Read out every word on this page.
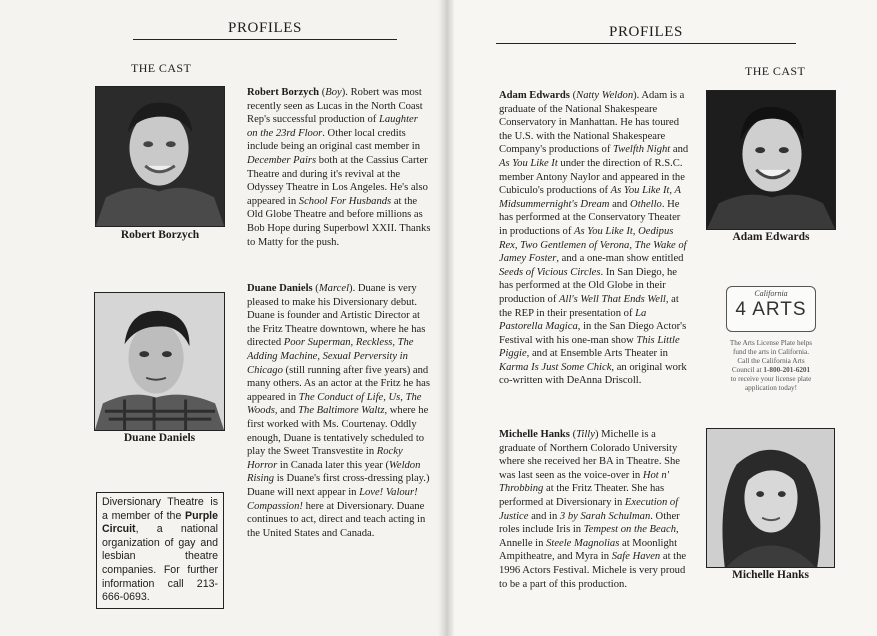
PROFILES
THE CAST
Robert Borzych
Robert Borzych (Boy). Robert was most recently seen as Lucas in the North Coast Rep's successful production of Laughter on the 23rd Floor. Other local credits include being an original cast member in December Pairs both at the Cassius Carter Theatre and during it's revival at the Odyssey Theatre in Los Angeles. He's also appeared in School For Husbands at the Old Globe Theatre and before millions as Bob Hope during Superbowl XXII. Thanks to Matty for the push.
Duane Daniels
Duane Daniels (Marcel). Duane is very pleased to make his Diversionary debut. Duane is founder and Artistic Director at the Fritz Theatre downtown, where he has directed Poor Superman, Reckless, The Adding Machine, Sexual Perversity in Chicago (still running after five years) and many others. As an actor at the Fritz he has appeared in The Conduct of Life, Us, The Woods, and The Baltimore Waltz, where he first worked with Ms. Courtenay. Oddly enough, Duane is tentatively scheduled to play the Sweet Transvestite in Rocky Horror in Canada later this year (Weldon Rising is Duane's first cross-dressing play.) Duane will next appear in Love! Valour! Compassion! here at Diversionary. Duane continues to act, direct and teach acting in the United States and Canada.
Diversionary Theatre is a member of the Purple Circuit, a national organization of gay and lesbian theatre companies. For further information call 213-666-0693.
PROFILES
THE CAST
Adam Edwards (Natty Weldon). Adam is a graduate of the National Shakespeare Conservatory in Manhattan. He has toured the U.S. with the National Shakespeare Company's productions of Twelfth Night and As You Like It under the direction of R.S.C. member Antony Naylor and appeared in the Cubiculo's productions of As You Like It, A Midsummernight's Dream and Othello. He has performed at the Conservatory Theater in productions of As You Like It, Oedipus Rex, Two Gentlemen of Verona, The Wake of Jamey Foster, and a one-man show entitled Seeds of Vicious Circles. In San Diego, he has performed at the Old Globe in their production of All's Well That Ends Well, at the REP in their presentation of La Pastorella Magica, in the San Diego Actor's Festival with his one-man show This Little Piggie, and at Ensemble Arts Theater in Karma Is Just Some Chick, an original work co-written with DeAnna Driscoll.
Adam Edwards
California
4 ARTS
The Arts License Plate helps
fund the arts in California.
Call the California Arts
Council at 1-800-201-6201
to receive your license plate
application today!
Michelle Hanks (Tilly) Michelle is a graduate of Northern Colorado University where she received her BA in Theatre. She was last seen as the voice-over in Hot n' Throbbing at the Fritz Theater. She has performed at Diversionary in Execution of Justice and in 3 by Sarah Schulman. Other roles include Iris in Tempest on the Beach, Annelle in Steele Magnolias at Moonlight Ampitheatre, and Myra in Safe Haven at the 1996 Actors Festival. Michele is very proud to be a part of this production.
Michelle Hanks
